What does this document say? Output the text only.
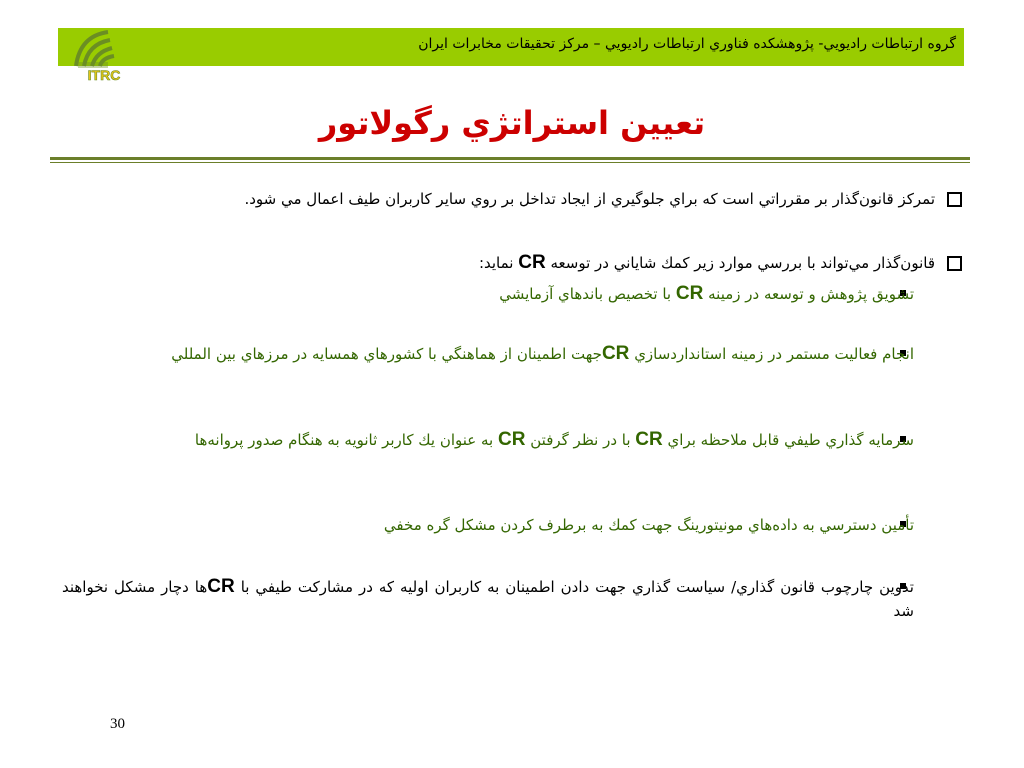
گروه ارتباطات راديويي- پژوهشكده فناوري ارتباطات راديويي – مركز تحقيقات مخابرات ايران
ITRC
تعيين استراتژي رگولاتور
تمركز قانون‌گذار بر مقرراتي است كه براي جلوگيري از ايجاد تداخل بر روي ساير كاربران طيف اعمال مي شود.
قانون‌گذار مي‌تواند با بررسي موارد زير كمك شاياني در توسعه CR نمايد:
تشويق پژوهش و توسعه در زمينه CR با تخصيص باندهاي آزمايشي
انجام فعاليت مستمر در زمينه استانداردسازي CRجهت اطمينان از هماهنگي با كشورهاي همسايه در مرزهاي بين المللي
سرمايه گذاري طيفي قابل ملاحظه براي CR با در نظر گرفتن CR به عنوان يك كاربر ثانويه به هنگام صدور پروانه‌ها
تأمين دسترسي به داده‌هاي مونيتورينگ جهت كمك به برطرف كردن مشكل گره مخفي
تدوين چارچوب قانون گذاري/ سياست گذاري جهت دادن اطمينان به كاربران اوليه كه در مشاركت طيفي با CRها دچار مشكل نخواهند شد
30
